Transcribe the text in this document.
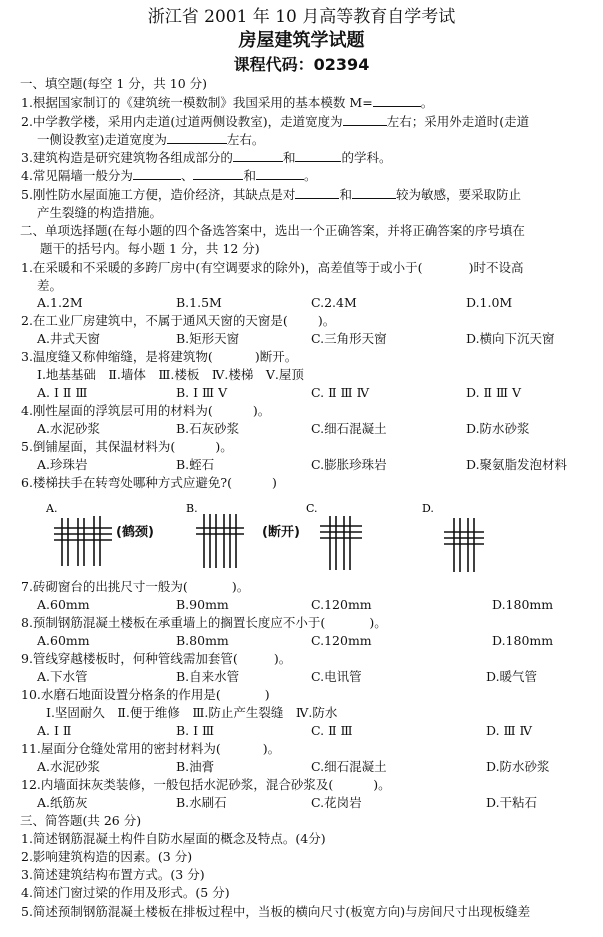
浙江省 2001 年 10 月高等教育自学考试
房屋建筑学试题
课程代码：02394
一、填空题(每空 1 分，共 10 分)
1.根据国家制订的《建筑统一模数制》我国采用的基本模数 M=	。
2.中学教学楼，采用内走道(过道两侧设教室)，走道宽度为	左右；采用外走道时(走道
一侧设教室)走道宽度为	左右。
3.建筑构造是研究建筑物各组成部分的	和	的学科。
4.常见隔墙一般分为	、	和	。
5.刚性防水屋面施工方便，造价经济，其缺点是对	和	较为敏感，要采取防止
产生裂缝的构造措施。
二、单项选择题(在每小题的四个备选答案中，选出一个正确答案，并将正确答案的序号填在
题干的括号内。每小题 1 分，共 12 分)
1.在采暖和不采暖的多跨厂房中(有空调要求的除外)，高差值等于或小于(	)时不设高
差。
A.1.2M	B.1.5M	C.2.4M	D.1.0M
2.在工业厂房建筑中，不属于通风天窗的天窗是( )。
A.井式天窗	B.矩形天窗	C.三角形天窗	D.横向下沉天窗
3.温度缝又称伸缩缝，是将建筑物(	)断开。
Ⅰ.地基基础　Ⅱ.墙体　Ⅲ.楼板　Ⅳ.楼梯　Ⅴ.屋顶
A. Ⅰ Ⅱ Ⅲ	B. Ⅰ Ⅲ Ⅴ	C. Ⅱ Ⅲ Ⅳ	D. Ⅱ Ⅲ Ⅴ
4.刚性屋面的浮筑层可用的材料为(	)。
A.水泥砂浆	B.石灰砂浆	C.细石混凝土	D.防水砂浆
5.倒铺屋面，其保温材料为(	)。
A.珍珠岩	B.蛭石	C.膨胀珍珠岩	D.聚氨脂发泡材料
6.楼梯扶手在转弯处哪种方式应避免?(	)
A.
(鹤颈)
B.
(断开)
C.	D.
7.砖砌窗台的出挑尺寸一般为(	)。
A.60mm	B.90mm	C.120mm	D.180mm
8.预制钢筋混凝土楼板在承重墙上的搁置长度应不小于(	)。
A.60mm	B.80mm	C.120mm	D.180mm
9.管线穿越楼板时，何种管线需加套管(	)。
A.下水管	B.自来水管	C.电讯管	D.暖气管
10.水磨石地面设置分格条的作用是(	)
Ⅰ.坚固耐久　Ⅱ.便于维修　Ⅲ.防止产生裂缝　Ⅳ.防水
A. Ⅰ Ⅱ	B. Ⅰ Ⅲ	C. Ⅱ Ⅲ	D. Ⅲ Ⅳ
11.屋面分仓缝处常用的密封材料为(	)。
A.水泥砂浆	B.油膏	C.细石混凝土	D.防水砂浆
12.内墙面抹灰类装修，一般包括水泥砂浆，混合砂浆及(	)。
A.纸筋灰	B.水刷石	C.花岗岩	D.干粘石
三、简答题(共 26 分)
1.简述钢筋混凝土构件自防水屋面的概念及特点。(4分)
2.影响建筑构造的因素。(3 分)
3.简述建筑结构布置方式。(3 分)
4.简述门窗过梁的作用及形式。(5 分)
5.简述预制钢筋混凝土楼板在排板过程中，当板的横向尺寸(板宽方向)与房间尺寸出现板缝差
